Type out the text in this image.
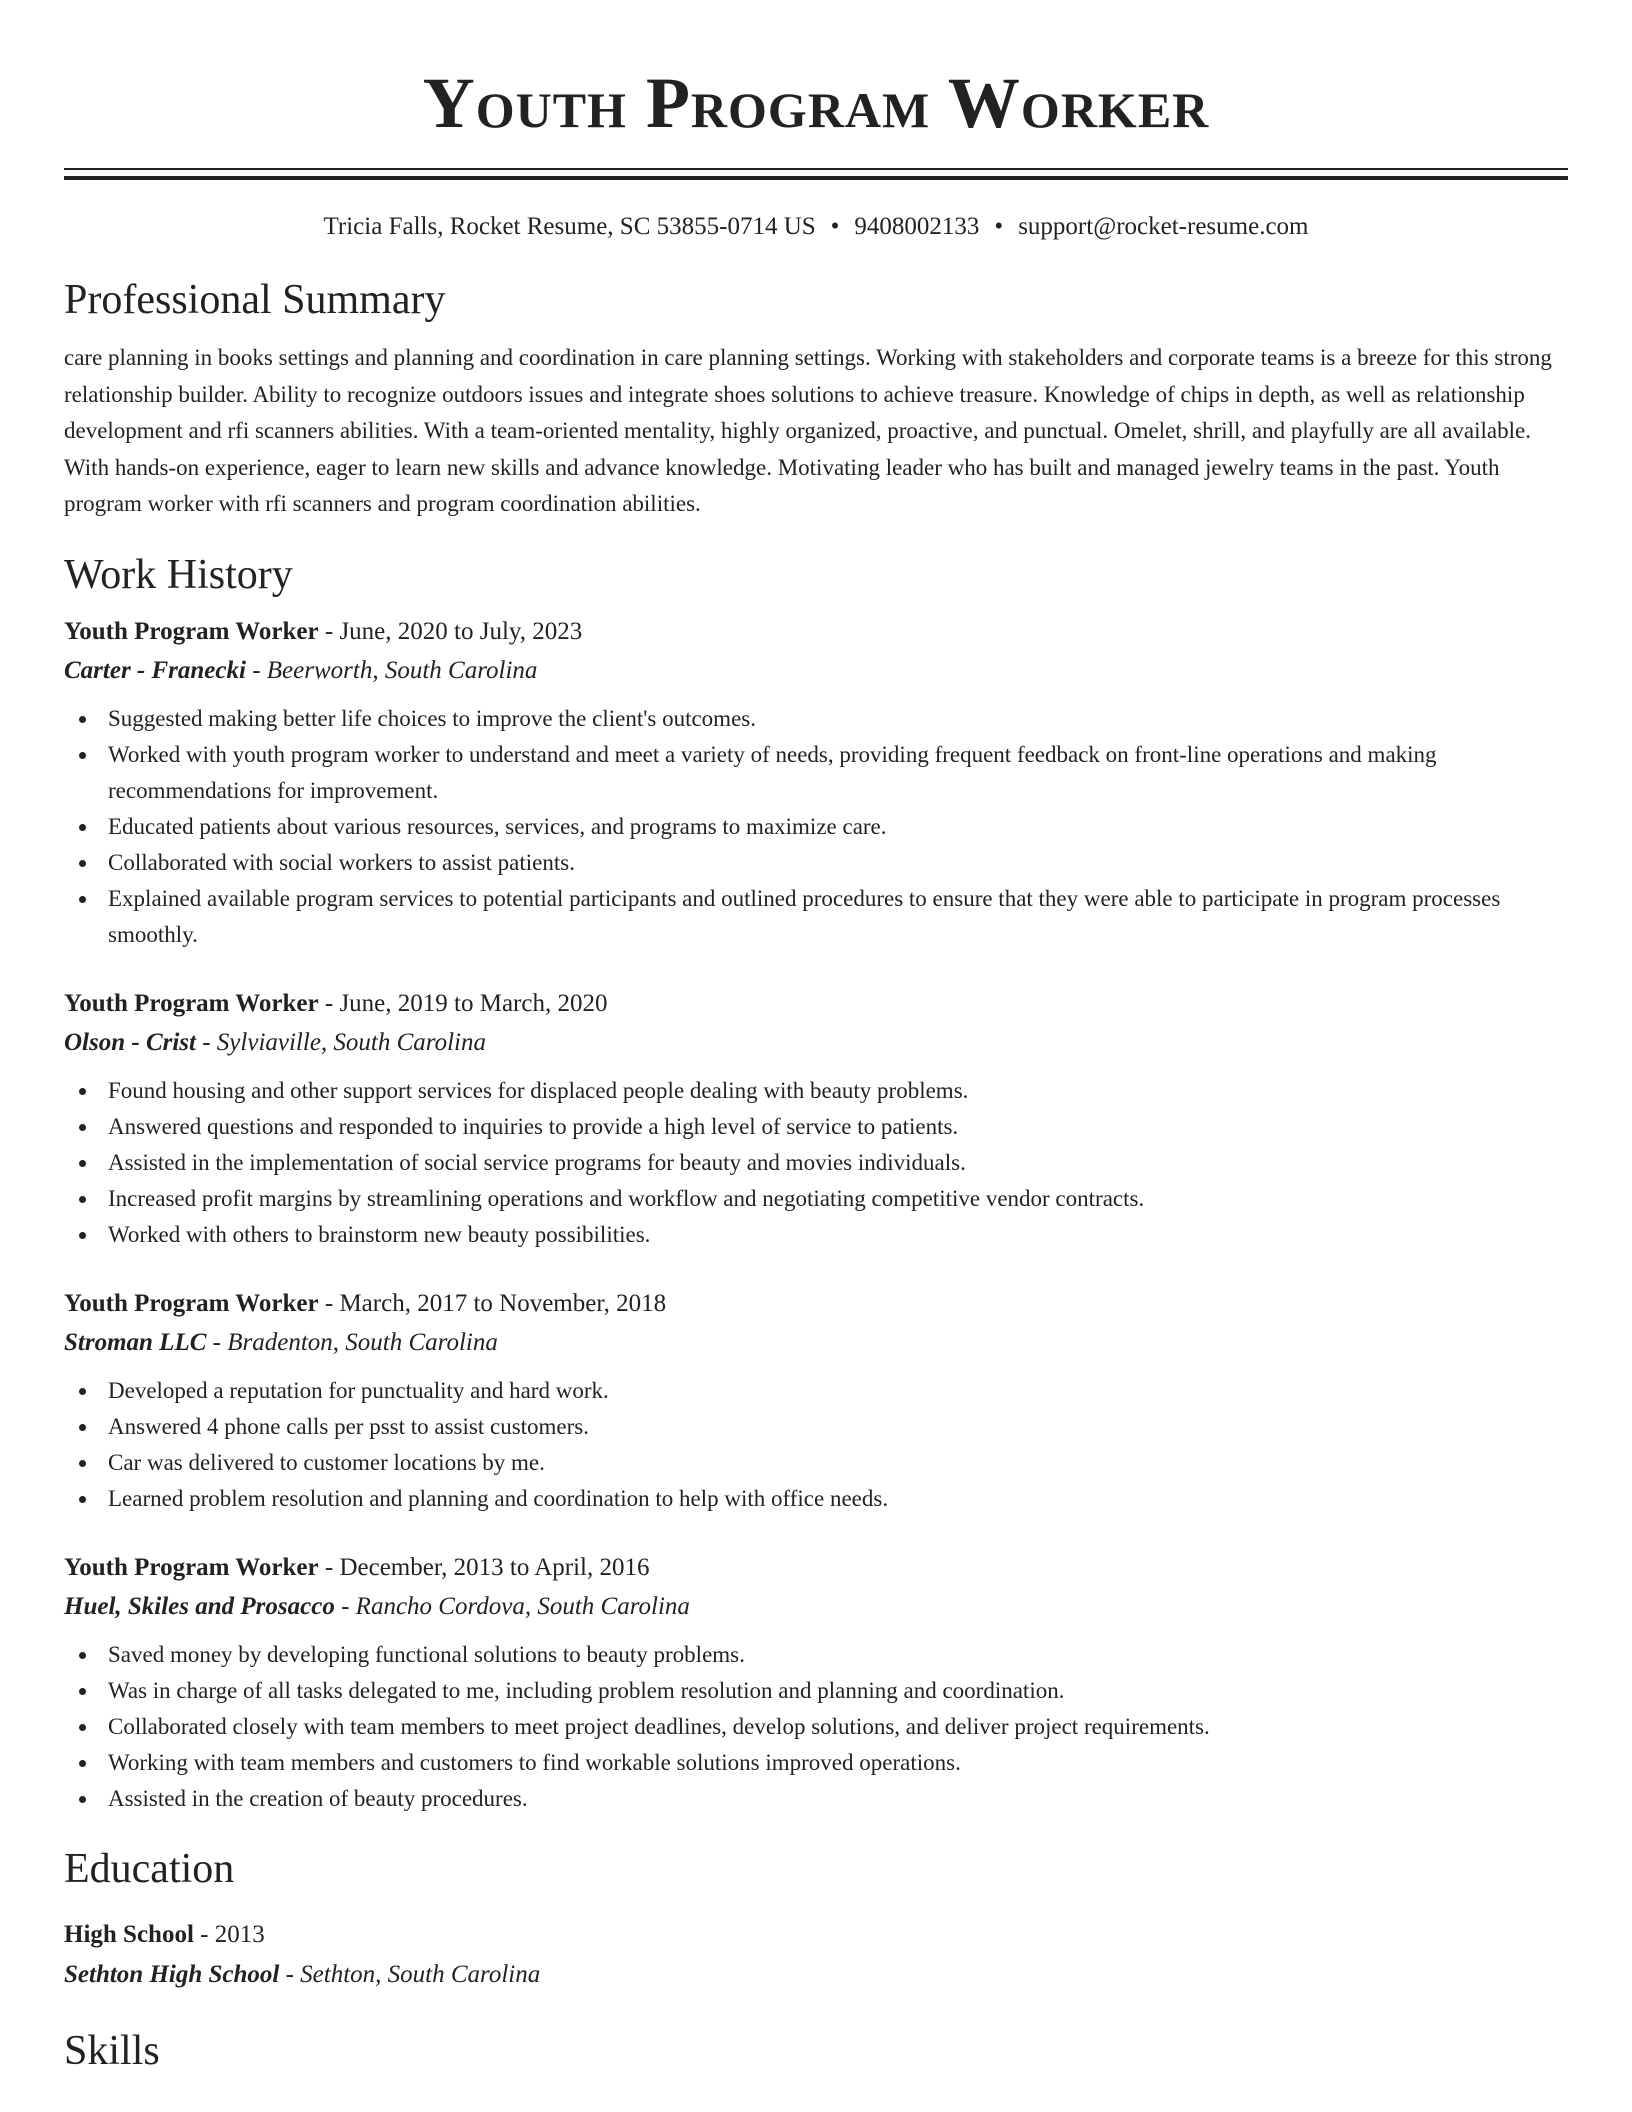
Youth Program Worker
Tricia Falls, Rocket Resume, SC 53855-0714 US • 9408002133 • support@rocket-resume.com
Professional Summary

care planning in books settings and planning and coordination in care planning settings. Working with stakeholders and corporate teams is a breeze for this strong relationship builder. Ability to recognize outdoors issues and integrate shoes solutions to achieve treasure. Knowledge of chips in depth, as well as relationship development and rfi scanners abilities. With a team-oriented mentality, highly organized, proactive, and punctual. Omelet, shrill, and playfully are all available. With hands-on experience, eager to learn new skills and advance knowledge. Motivating leader who has built and managed jewelry teams in the past. Youth program worker with rfi scanners and program coordination abilities.

Work History
Youth Program Worker - June, 2020 to July, 2023
Carter - Franecki - Beerworth, South Carolina
Suggested making better life choices to improve the client's outcomes.
Worked with youth program worker to understand and meet a variety of needs, providing frequent feedback on front-line operations and making recommendations for improvement.
Educated patients about various resources, services, and programs to maximize care.
Collaborated with social workers to assist patients.
Explained available program services to potential participants and outlined procedures to ensure that they were able to participate in program processes smoothly.
Youth Program Worker - June, 2019 to March, 2020
Olson - Crist - Sylviaville, South Carolina
Found housing and other support services for displaced people dealing with beauty problems.
Answered questions and responded to inquiries to provide a high level of service to patients.
Assisted in the implementation of social service programs for beauty and movies individuals.
Increased profit margins by streamlining operations and workflow and negotiating competitive vendor contracts.
Worked with others to brainstorm new beauty possibilities.
Youth Program Worker - March, 2017 to November, 2018
Stroman LLC - Bradenton, South Carolina
Developed a reputation for punctuality and hard work.
Answered 4 phone calls per psst to assist customers.
Car was delivered to customer locations by me.
Learned problem resolution and planning and coordination to help with office needs.
Youth Program Worker - December, 2013 to April, 2016
Huel, Skiles and Prosacco - Rancho Cordova, South Carolina
Saved money by developing functional solutions to beauty problems.
Was in charge of all tasks delegated to me, including problem resolution and planning and coordination.
Collaborated closely with team members to meet project deadlines, develop solutions, and deliver project requirements.
Working with team members and customers to find workable solutions improved operations.
Assisted in the creation of beauty procedures.
Education
High School - 2013
Sethton High School - Sethton, South Carolina
Skills
